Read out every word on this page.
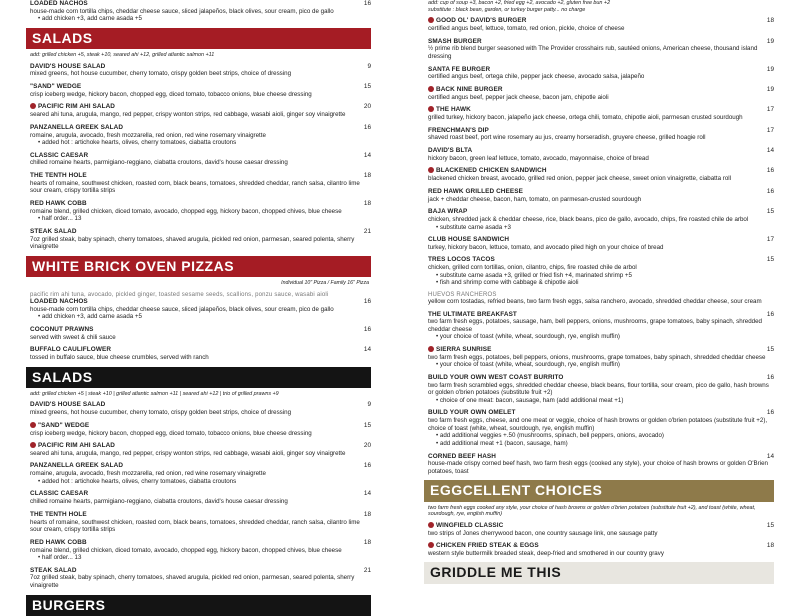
LOADED NACHOS	16
house-made corn tortilla chips, cheddar cheese sauce, sliced jalapeños, black olives, sour cream, pico de gallo
• add chicken +3, add carne asada +5
SALADS
add: grilled chicken +5, steak +10, seared ahi +12, grilled atlantic salmon +11
DAVID'S HOUSE SALAD	9
mixed greens, hot house cucumber, cherry tomato, crispy golden beet strips, choice of dressing
"SAND" WEDGE	15
crisp iceberg wedge, hickory bacon, chopped egg, diced tomato, tobacco onions, blue cheese dressing
PACIFIC RIM AHI SALAD	20
seared ahi tuna, arugula, mango, red pepper, crispy wonton strips, red cabbage, wasabi aioli, ginger soy vinaigrette
PANZANELLA GREEK SALAD	16
romaine, arugula, avocado, fresh mozzarella, red onion, red wine rosemary vinaigrette
• added hot : artichoke hearts, olives, cherry tomatoes, ciabatta croutons
CLASSIC CAESAR	14
chilled romaine hearts, parmigiano-reggiano, ciabatta croutons, david's house caesar dressing
THE TENTH HOLE	18
hearts of romaine, southwest chicken, roasted corn, black beans, tomatoes, shredded cheddar, ranch salsa, cilantro lime sour cream, crispy tortilla strips
RED HAWK COBB	18
romaine blend, grilled chicken, diced tomato, avocado, chopped egg, hickory bacon, chopped chives, blue cheese
• half order... 13
STEAK SALAD	21
7oz grilled steak, baby spinach, cherry tomatoes, shaved arugula, pickled red onion, parmesan, seared polenta, sherry vinaigrette
WHITE BRICK OVEN PIZZAS
Individual 10" Pizza / Family 16" Pizza
pacific rim ahi tuna, avocado, pickled ginger, toasted sesame seeds, scallions, ponzu sauce, wasabi aioli
LOADED NACHOS	16
house-made corn tortilla chips, cheddar cheese sauce, sliced jalapeños, black olives, sour cream, pico de gallo
• add chicken +3, add carne asada +5
COCONUT PRAWNS	16
served with sweet & chili sauce
BUFFALO CAULIFLOWER	14
tossed in buffalo sauce, blue cheese crumbles, served with ranch
SALADS
add: grilled chicken +5 | steak +10 | grilled atlantic salmon +11 | seared ahi +12 | trio of grilled prawns +9
DAVID'S HOUSE SALAD	9
mixed greens, hot house cucumber, cherry tomato, crispy golden beet strips, choice of dressing
"SAND" WEDGE	15
crisp iceberg wedge, hickory bacon, chopped egg, diced tomato, tobacco onions, blue cheese dressing
PACIFIC RIM AHI SALAD	20
seared ahi tuna, arugula, mango, red pepper, crispy wonton strips, red cabbage, wasabi aioli, ginger soy vinaigrette
PANZANELLA GREEK SALAD	16
romaine, arugula, avocado, fresh mozzarella, red onion, red wine rosemary vinaigrette
• added hot : artichoke hearts, olives, cherry tomatoes, ciabatta croutons
CLASSIC CAESAR	14
chilled romaine hearts, parmigiano-reggiano, ciabatta croutons, david's house caesar dressing
THE TENTH HOLE	18
hearts of romaine, southwest chicken, roasted corn, black beans, tomatoes, shredded cheddar, ranch salsa, cilantro lime sour cream, crispy tortilla strips
RED HAWK COBB	18
romaine blend, grilled chicken, diced tomato, avocado, chopped egg, hickory bacon, chopped chives, blue cheese
• half order... 13
STEAK SALAD	21
7oz grilled steak, baby spinach, cherry tomatoes, shaved arugula, pickled red onion, parmesan, seared polenta, sherry vinaigrette
BURGERS
add: cup of soup +3, bacon +2, fried egg +2, avocado +2, gluten free bun +2
substitute : black bean, garden, or turkey burger patty... no charge
GOOD OL' DAVID'S BURGER	18
certified angus beef, lettuce, tomato, red onion, pickle, choice of cheese
SMASH BURGER	19
½ prime rib blend burger seasoned with The Provider crosshairs rub, sautéed onions, American cheese, thousand island dressing
SANTA FE BURGER	19
certified angus beef, ortega chile, pepper jack cheese, avocado salsa, jalapeño
BACK NINE BURGER	19
certified angus beef, pepper jack cheese, bacon jam, chipotle aioli
THE HAWK	17
grilled turkey, hickory bacon, jalapeño jack cheese, ortega chili, tomato, chipotle aioli, parmesan crusted sourdough
FRENCHMAN'S DIP	17
shaved roast beef, port wine rosemary au jus, creamy horseradish, gruyere cheese, grilled hoagie roll
DAVID'S BLTA	14
hickory bacon, green leaf lettuce, tomato, avocado, mayonnaise, choice of bread
BLACKENED CHICKEN SANDWICH	16
blackened chicken breast, avocado, grilled red onion, pepper jack cheese, sweet onion vinaigrette, ciabatta roll
RED HAWK GRILLED CHEESE	16
jack + cheddar cheese, bacon, ham, tomato, on parmesan-crusted sourdough
BAJA WRAP	15
chicken, shredded jack & cheddar cheese, rice, black beans, pico de gallo, avocado, chips, fire roasted chile de arbol
• substitute carne asada +3
CLUB HOUSE SANDWICH	17
turkey, hickory bacon, lettuce, tomato, and avocado piled high on your choice of bread
TRES LOCOS TACOS	15
chicken, grilled corn tortillas, onion, cilantro, chips, fire roasted chile de arbol
• substitute carne asada +3, grilled or fried fish +4, marinated shrimp +5
• fish and shrimp come with cabbage & chipotle aioli
HUEVOS RANCHEROS
yellow corn tostadas, refried beans, two farm fresh eggs, salsa ranchero, avocado, shredded cheddar cheese, sour cream
THE ULTIMATE BREAKFAST	16
two farm fresh eggs, potatoes, sausage, ham, bell peppers, onions, mushrooms, grape tomatoes, baby spinach, shredded cheddar cheese
• your choice of toast (white, wheat, sourdough, rye, english muffin)
SIERRA SUNRISE	15
two farm fresh eggs, potatoes, bell peppers, onions, mushrooms, grape tomatoes, baby spinach, shredded cheddar cheese
• your choice of toast (white, wheat, sourdough, rye, english muffin)
BUILD YOUR OWN WEST COAST BURRITO	16
two farm fresh scrambled eggs, shredded cheddar cheese, black beans, flour tortilla, sour cream, pico de gallo, hash browns or golden o'brien potatoes (substitute fruit +2)
• choice of one meat: bacon, sausage, ham (add additional meat +1)
BUILD YOUR OWN OMELET	16
two farm fresh eggs, cheese, and one meat or veggie, choice of hash browns or golden o'brien potatoes (substitute fruit +2), choice of toast (white, wheat, sourdough, rye, english muffin)
• add additional veggies +.50 (mushrooms, spinach, bell peppers, onions, avocado)
• add additional meat +1 (bacon, sausage, ham)
CORNED BEEF HASH	14
house-made crispy corned beef hash, two farm fresh eggs (cooked any style), your choice of hash browns or golden O'Brien potatoes, toast
EGGCELLENT CHOICES
two farm fresh eggs cooked any style, your choice of hash browns or golden o'brien potatoes (substitute fruit +2), and toast (white, wheat, sourdough, rye, english muffin)
WINGFIELD CLASSIC	15
two strips of Jones cherrywood bacon, one country sausage link, one sausage patty
CHICKEN FRIED STEAK & EGGS	18
western style buttermilk breaded steak, deep-fried and smothered in our country gravy
GRIDDLE ME THIS
